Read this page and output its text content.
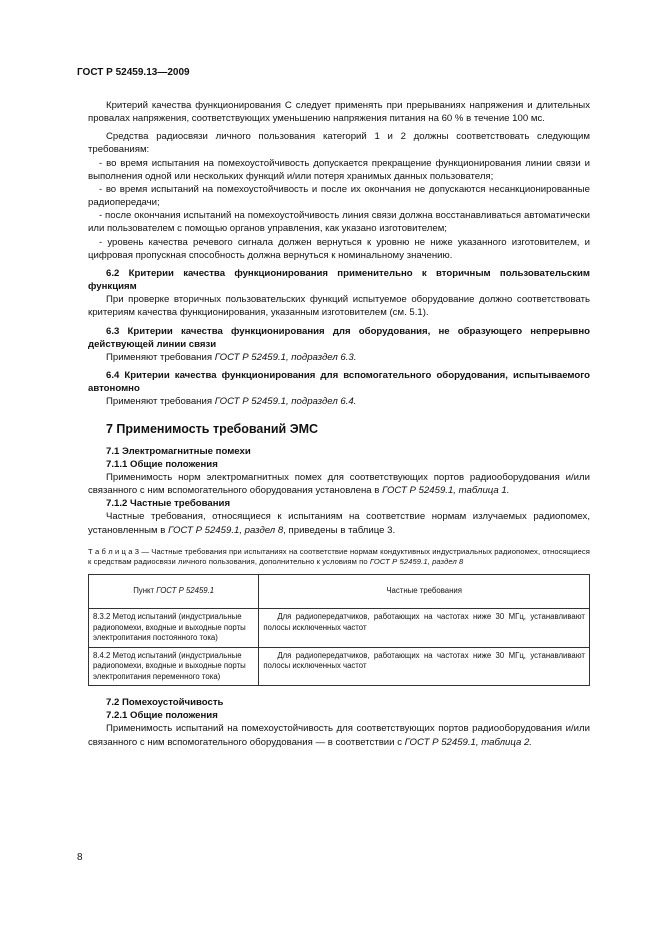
ГОСТ Р 52459.13—2009

Критерий качества функционирования С следует применять при прерываниях напряжения и длительных провалах напряжения, соответствующих уменьшению напряжения питания на 60 % в течение 100 мс.

Средства радиосвязи личного пользования категорий 1 и 2 должны соответствовать следующим требованиям:

- во время испытания на помехоустойчивость допускается прекращение функционирования линии связи и выполнения одной или нескольких функций и/или потеря хранимых данных пользователя;

- во время испытаний на помехоустойчивость и после их окончания не допускаются несанкционированные радиопередачи;

- после окончания испытаний на помехоустойчивость линия связи должна восстанавливаться автоматически или пользователем с помощью органов управления, как указано изготовителем;

- уровень качества речевого сигнала должен вернуться к уровню не ниже указанного изготовителем, и цифровая пропускная способность должна вернуться к номинальному значению.

6.2 Критерии качества функционирования применительно к вторичным пользовательским функциям

При проверке вторичных пользовательских функций испытуемое оборудование должно соответствовать критериям качества функционирования, указанным изготовителем (см. 5.1).

6.3 Критерии качества функционирования для оборудования, не образующего непрерывно действующей линии связи

Применяют требования ГОСТ Р 52459.1, подраздел 6.3.

6.4 Критерии качества функционирования для вспомогательного оборудования, испытываемого автономно

Применяют требования ГОСТ Р 52459.1, подраздел 6.4.

7 Применимость требований ЭМС

7.1 Электромагнитные помехи

7.1.1 Общие положения

Применимость норм электромагнитных помех для соответствующих портов радиооборудования и/или связанного с ним вспомогательного оборудования установлена в ГОСТ Р 52459.1, таблица 1.

7.1.2 Частные требования

Частные требования, относящиеся к испытаниям на соответствие нормам излучаемых радиопомех, установленным в ГОСТ Р 52459.1, раздел 8, приведены в таблице 3.

Т а б л и ц а 3 — Частные требования при испытаниях на соответствие нормам кондуктивных индустриальных радиопомех, относящиеся к средствам радиосвязи личного пользования, дополнительно к условиям по ГОСТ Р 52459.1, раздел 8

Пункт ГОСТ Р 52459.1	Частные требования
8.3.2 Метод испытаний (индустриальные радиопомехи, входные и выходные порты электропитания постоянного тока)	Для радиопередатчиков, работающих на частотах ниже 30 МГц, устанавливают полосы исключенных частот
8.4.2 Метод испытаний (индустриальные радиопомехи, входные и выходные порты электропитания переменного тока)	Для радиопередатчиков, работающих на частотах ниже 30 МГц, устанавливают полосы исключенных частот

7.2 Помехоустойчивость

7.2.1 Общие положения

Применимость испытаний на помехоустойчивость для соответствующих портов радиооборудования и/или связанного с ним вспомогательного оборудования — в соответствии с ГОСТ Р 52459.1, таблица 2.

8
